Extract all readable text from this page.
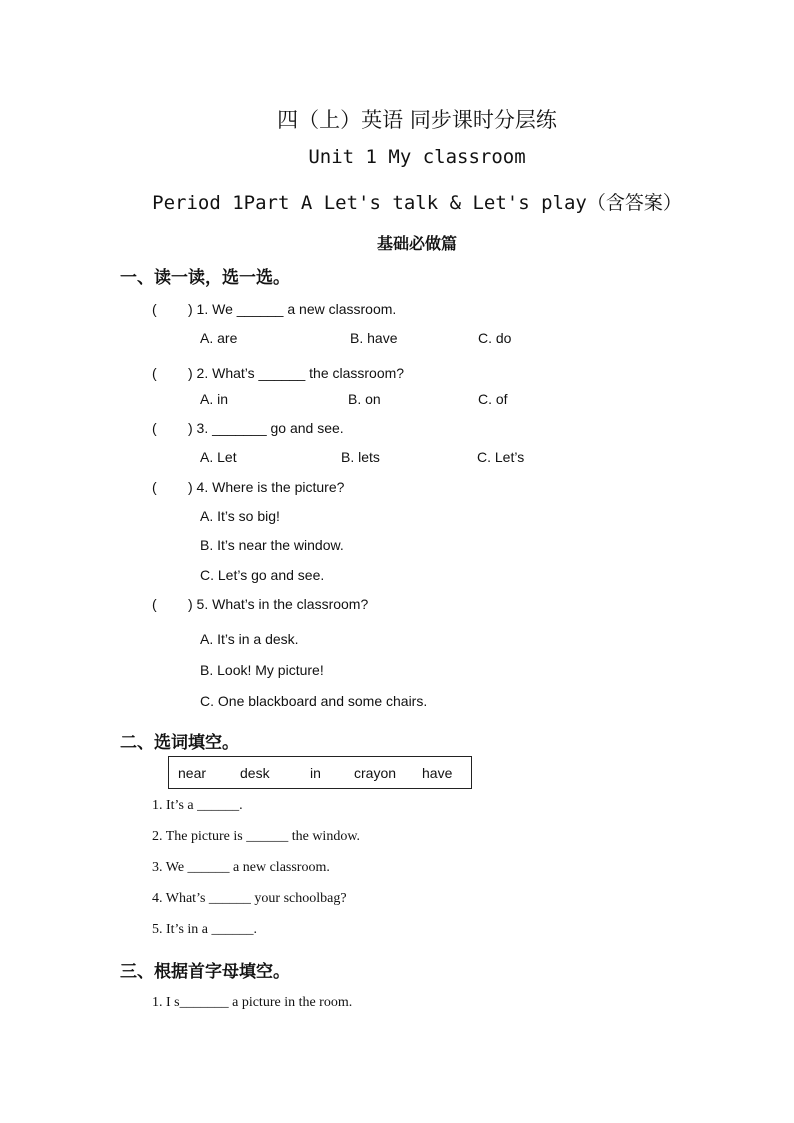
四（上）英语 同步课时分层练
Unit 1 My classroom
Period 1Part A Let's talk & Let's play（含答案）
基础必做篇
一、读一读，选一选。
( ) 1. We ______ a new classroom.
A. are	B. have	C. do
( ) 2. What’s ______ the classroom?
A. in	B. on	C. of
( ) 3. _______ go and see.
A. Let	B. lets	C. Let’s
( ) 4. Where is the picture?
A. It’s so big!
B. It’s near the window.
C. Let’s go and see.
( ) 5. What’s in the classroom?
A. It’s in a desk.
B. Look! My picture!
C. One blackboard and some chairs.
二、选词填空。
near desk	in crayon have
1. It’s a ______.
2. The picture is ______ the window.
3. We ______ a new classroom.
4. What’s ______ your schoolbag?
5. It’s in a ______.
三、根据首字母填空。
1. I s_______ a picture in the room.
